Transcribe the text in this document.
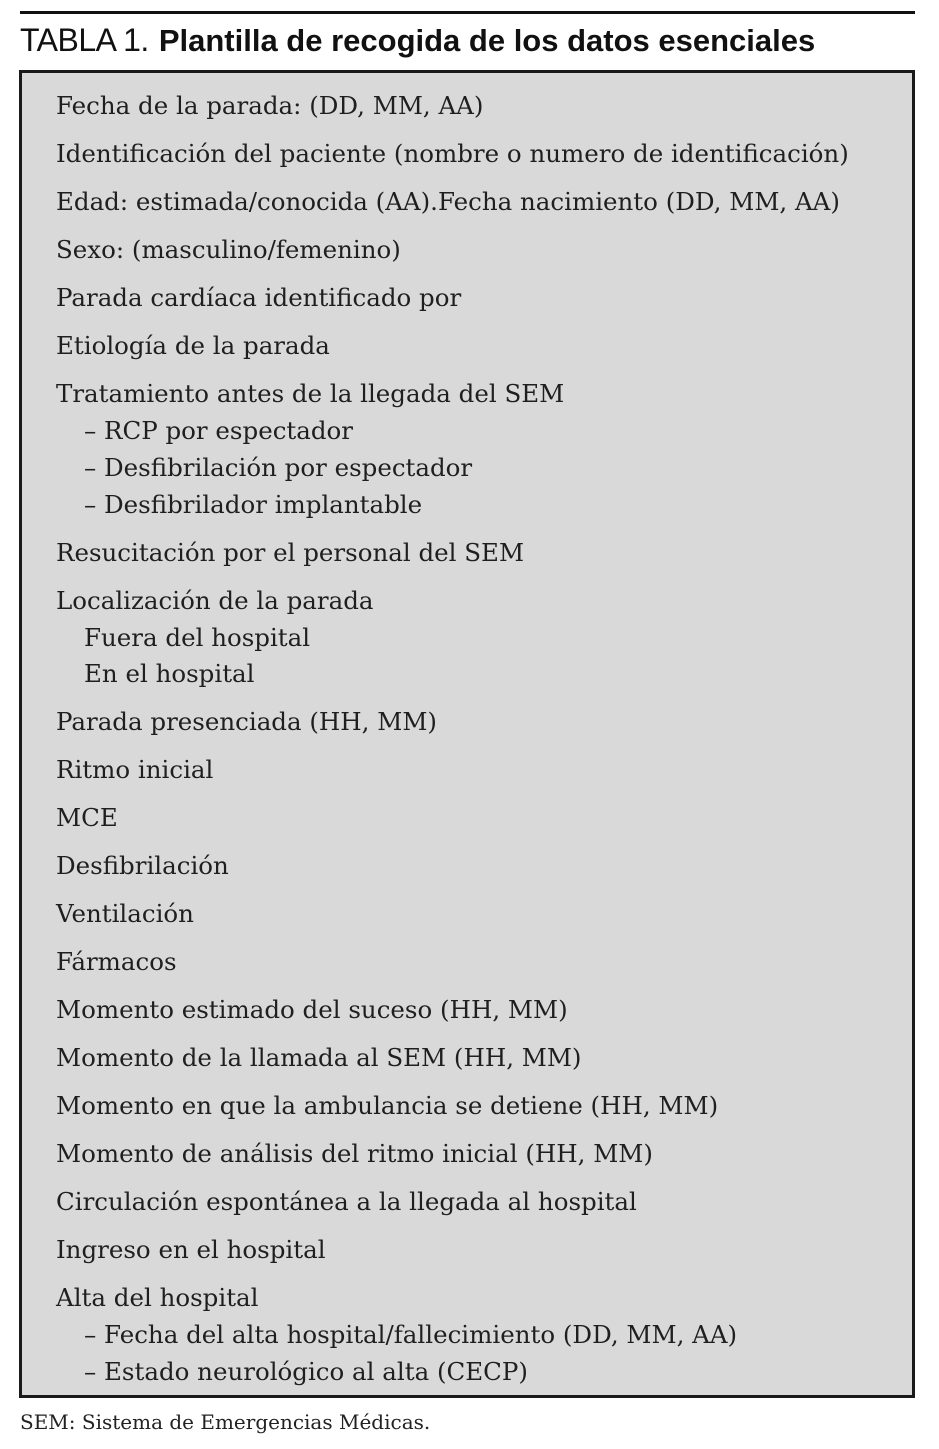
TABLA 1. Plantilla de recogida de los datos esenciales
Fecha de la parada: (DD, MM, AA)
Identificación del paciente (nombre o numero de identificación)
Edad: estimada/conocida (AA).Fecha nacimiento (DD, MM, AA)
Sexo: (masculino/femenino)
Parada cardíaca identificado por
Etiología de la parada
Tratamiento antes de la llegada del SEM
– RCP por espectador
– Desfibrilación por espectador
– Desfibrilador implantable
Resucitación por el personal del SEM
Localización de la parada
Fuera del hospital
En el hospital
Parada presenciada (HH, MM)
Ritmo inicial
MCE
Desfibrilación
Ventilación
Fármacos
Momento estimado del suceso (HH, MM)
Momento de la llamada al SEM (HH, MM)
Momento en que la ambulancia se detiene (HH, MM)
Momento de análisis del ritmo inicial (HH, MM)
Circulación espontánea a la llegada al hospital
Ingreso en el hospital
Alta del hospital
– Fecha del alta hospital/fallecimiento (DD, MM, AA)
– Estado neurológico al alta (CECP)
SEM: Sistema de Emergencias Médicas.
